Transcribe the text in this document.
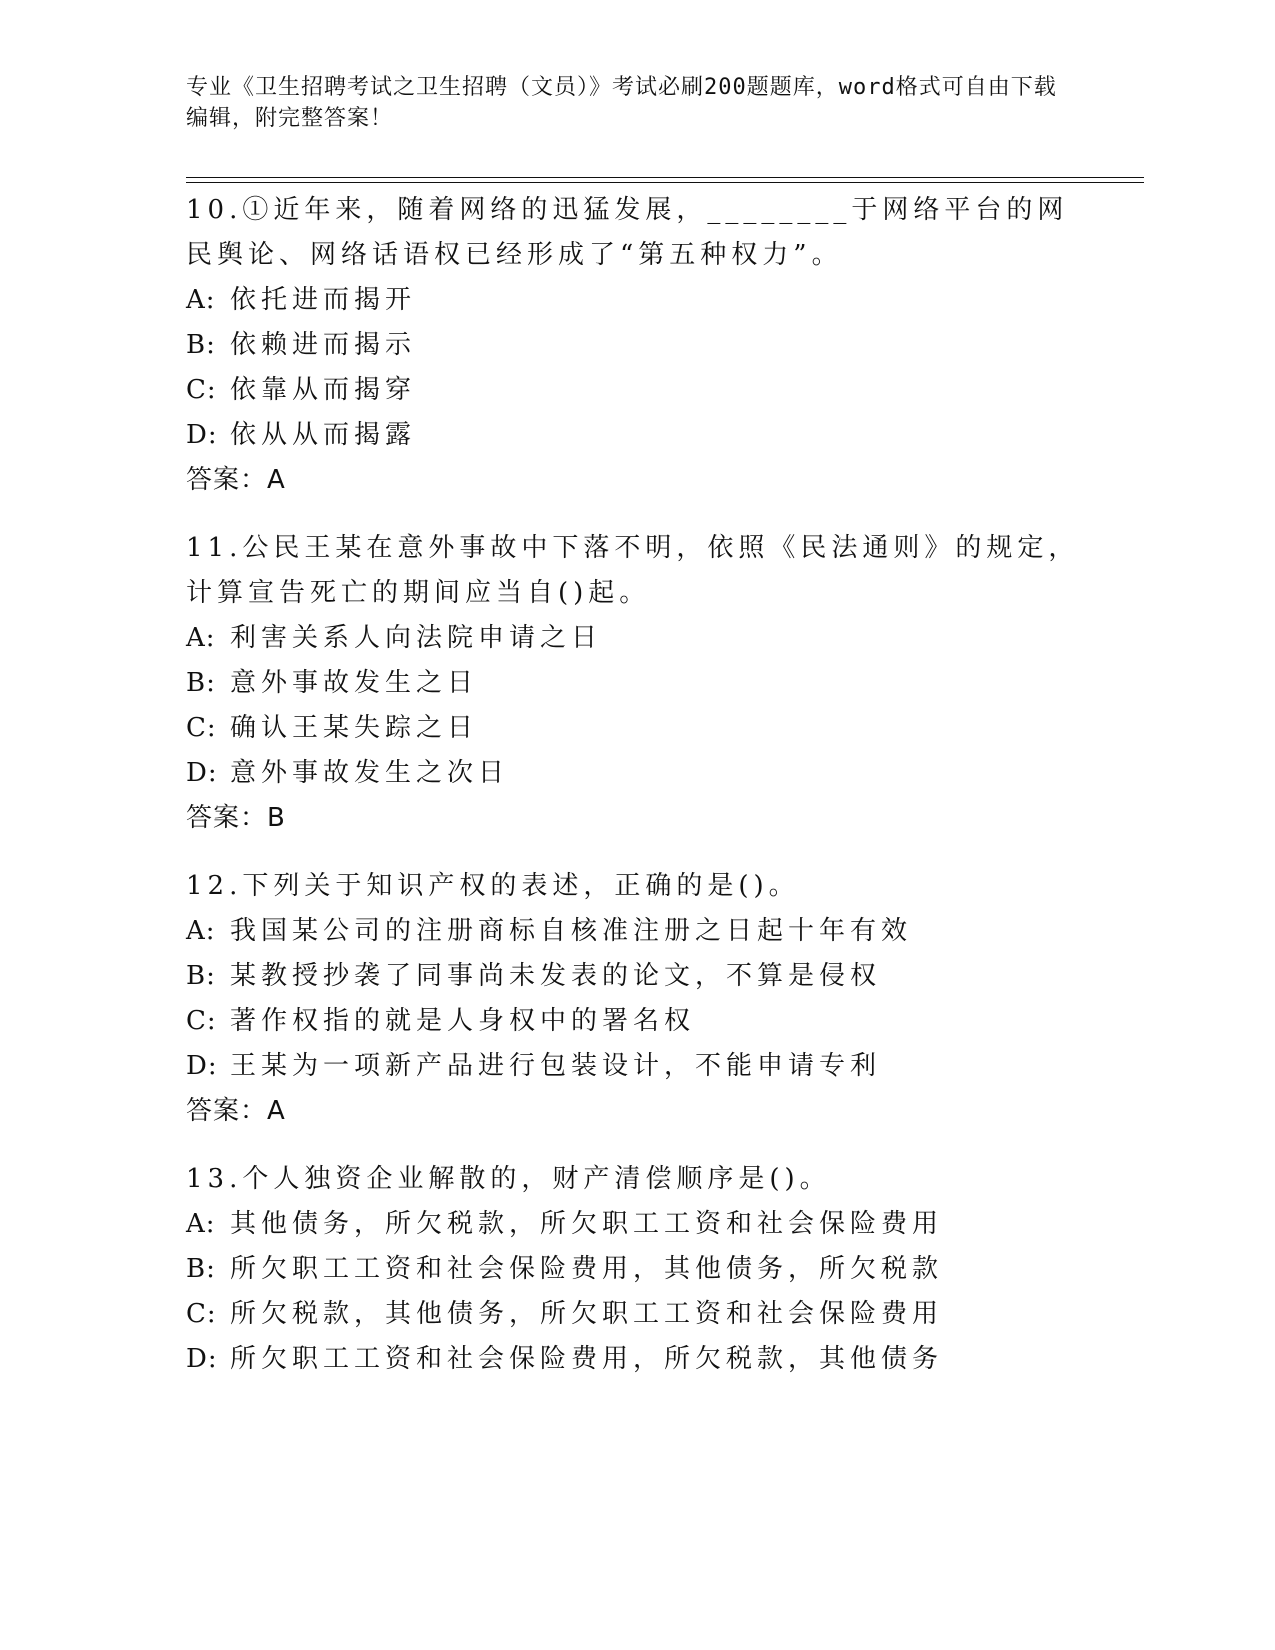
专业《卫生招聘考试之卫生招聘（文员）》考试必刷200题题库，word格式可自由下载编辑，附完整答案！

10.①近年来，随着网络的迅猛发展，________于网络平台的网民舆论、网络话语权已经形成了“第五种权力”。

A: 依托进而揭开
B: 依赖进而揭示
C: 依靠从而揭穿
D: 依从从而揭露

答案：A

11.公民王某在意外事故中下落不明，依照《民法通则》的规定，计算宣告死亡的期间应当自()起。

A: 利害关系人向法院申请之日
B: 意外事故发生之日
C: 确认王某失踪之日
D: 意外事故发生之次日

答案：B

12.下列关于知识产权的表述，正确的是()。

A: 我国某公司的注册商标自核准注册之日起十年有效
B: 某教授抄袭了同事尚未发表的论文，不算是侵权
C: 著作权指的就是人身权中的署名权
D: 王某为一项新产品进行包装设计，不能申请专利

答案：A

13.个人独资企业解散的，财产清偿顺序是()。

A: 其他债务，所欠税款，所欠职工工资和社会保险费用
B: 所欠职工工资和社会保险费用，其他债务，所欠税款
C: 所欠税款，其他债务，所欠职工工资和社会保险费用
D: 所欠职工工资和社会保险费用，所欠税款，其他债务
